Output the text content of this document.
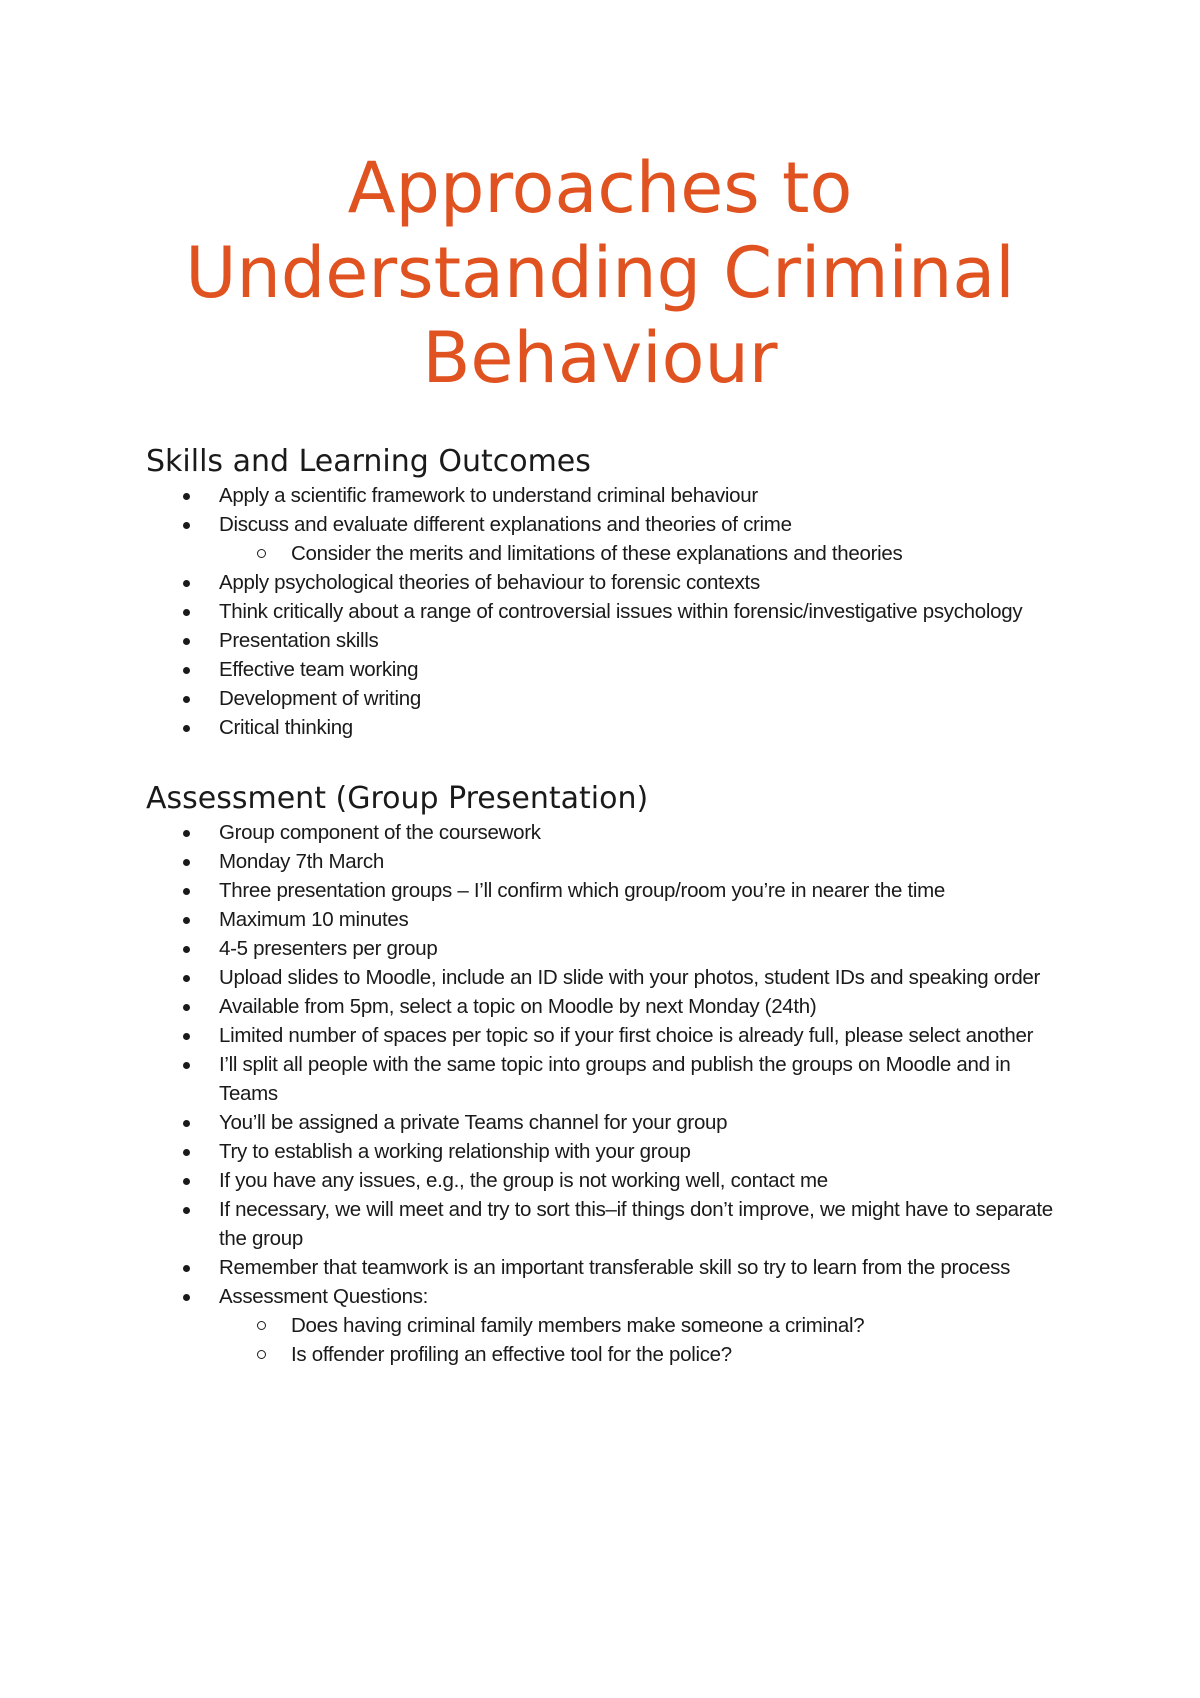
Approaches to
Understanding Criminal
Behaviour
Skills and Learning Outcomes
Apply a scientific framework to understand criminal behaviour
Discuss and evaluate different explanations and theories of crime
Consider the merits and limitations of these explanations and theories
Apply psychological theories of behaviour to forensic contexts
Think critically about a range of controversial issues within forensic/investigative psychology
Presentation skills
Effective team working
Development of writing
Critical thinking
Assessment (Group Presentation)
Group component of the coursework
Monday 7th March
Three presentation groups – I’ll confirm which group/room you’re in nearer the time
Maximum 10 minutes
4-5 presenters per group
Upload slides to Moodle, include an ID slide with your photos, student IDs and speaking order
Available from 5pm, select a topic on Moodle by next Monday (24th)
Limited number of spaces per topic so if your first choice is already full, please select another
I’ll split all people with the same topic into groups and publish the groups on Moodle and in Teams
You’ll be assigned a private Teams channel for your group
Try to establish a working relationship with your group
If you have any issues, e.g., the group is not working well, contact me
If necessary, we will meet and try to sort this–if things don’t improve, we might have to separate the group
Remember that teamwork is an important transferable skill so try to learn from the process
Assessment Questions:
Does having criminal family members make someone a criminal?
Is offender profiling an effective tool for the police?
